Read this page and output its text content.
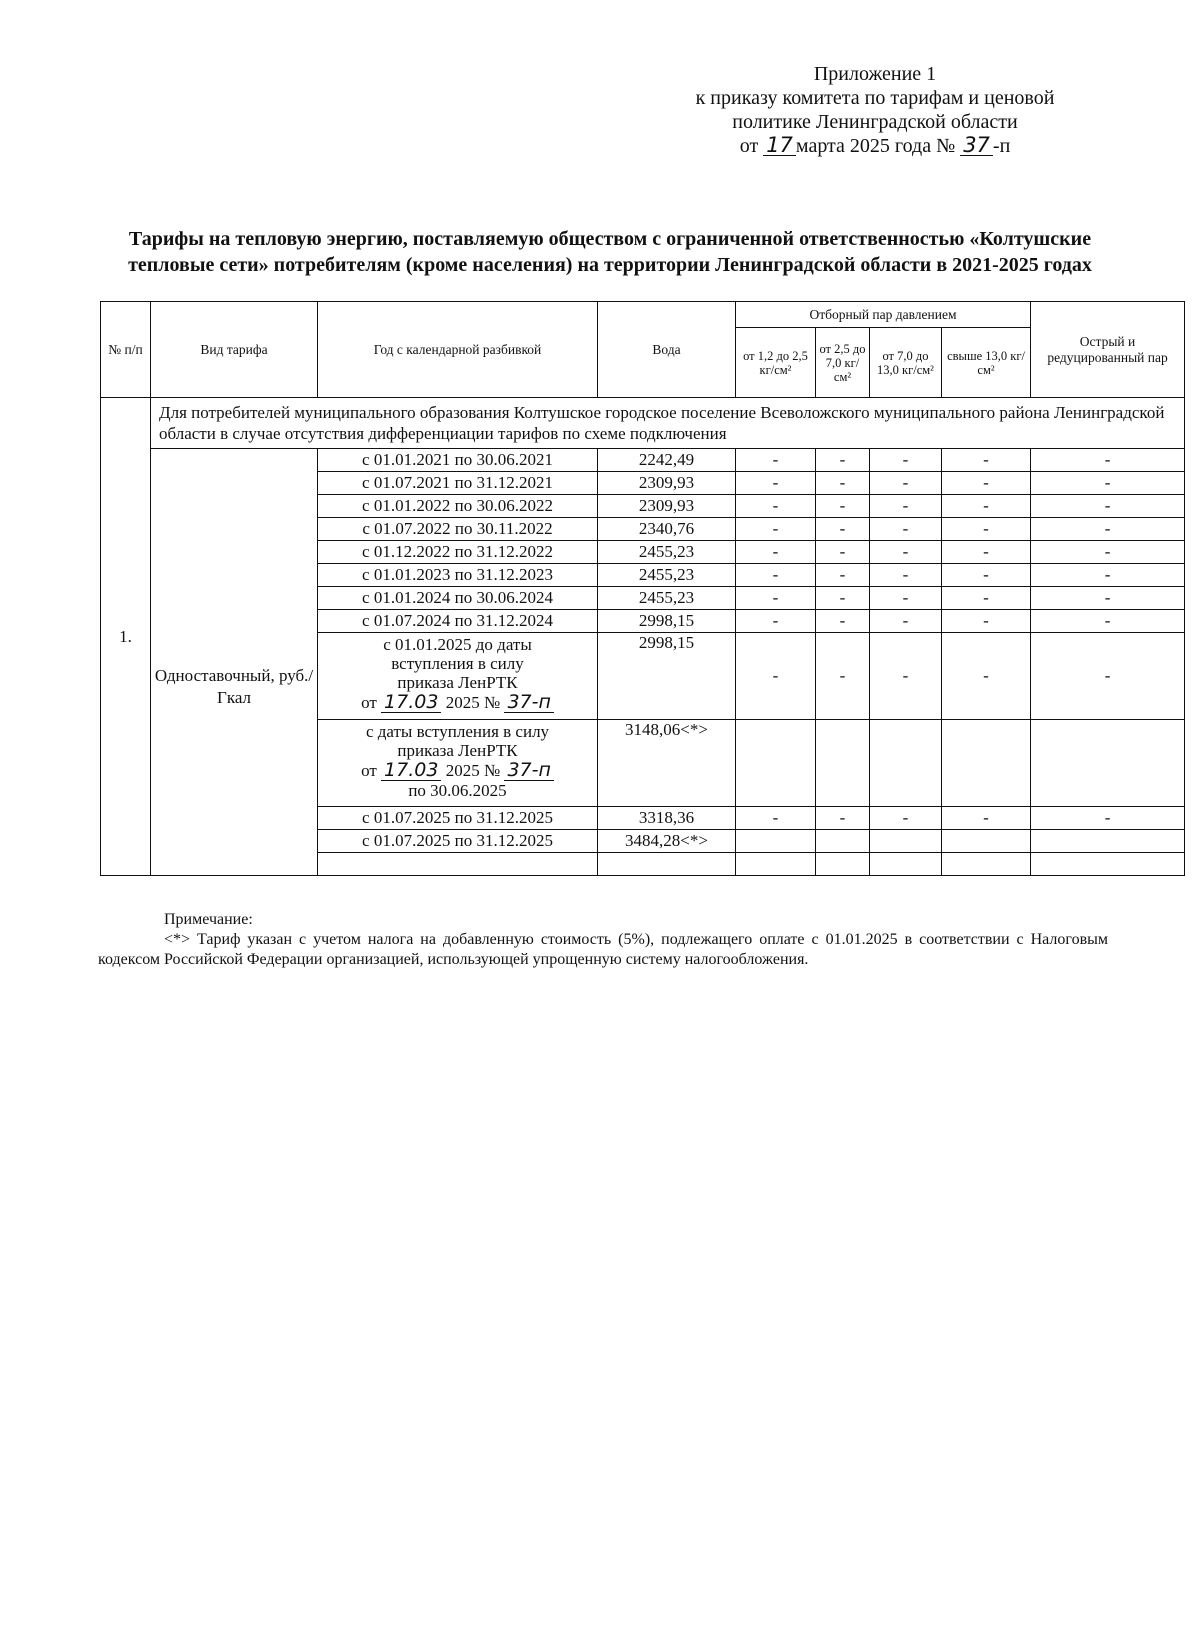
Приложение 1
к приказу комитета по тарифам и ценовой
политике Ленинградской области
от 17 марта 2025 года № 37 -п
Тарифы на тепловую энергию, поставляемую обществом с ограниченной ответственностью «Колтушские тепловые сети» потребителям (кроме населения) на территории Ленинградской области в 2021-2025 годах
№ п/п	Вид тарифа	Год с календарной разбивкой	Вода	Отборный пар давлением				Острый и редуцированный пар
				от 1,2 до 2,5 кг/см²	от 2,5 до 7,0 кг/см²	от 7,0 до 13,0 кг/см²	свыше 13,0 кг/см²	
1.	Для потребителей муниципального образования Колтушское городское поселение Всеволожского муниципального района Ленинградской области в случае отсутствия дифференциации тарифов по схеме подключения							
	Одноставочный, руб./Гкал	с 01.01.2021 по 30.06.2021	2242,49	-	-	-	-	-
		с 01.07.2021 по 31.12.2021	2309,93	-	-	-	-	-
		с 01.01.2022 по 30.06.2022	2309,93	-	-	-	-	-
		с 01.07.2022 по 30.11.2022	2340,76	-	-	-	-	-
		с 01.12.2022 по 31.12.2022	2455,23	-	-	-	-	-
		с 01.01.2023 по 31.12.2023	2455,23	-	-	-	-	-
		с 01.01.2024 по 30.06.2024	2455,23	-	-	-	-	-
		с 01.07.2024 по 31.12.2024	2998,15	-	-	-	-	-

		с 01.01.2025 до даты
вступления в силу
приказа ЛенРТК
от 17.03 2025 № 37-п	2998,15	-	-	-	-	-

		с даты вступления в силу
приказа ЛенРТК
от 17.03 2025 № 37-п
по 30.06.2025	3148,06<*>					
		с 01.07.2025 по 31.12.2025	3318,36	-	-	-	-	-
		с 01.07.2025 по 31.12.2025	3484,28<*>					

Примечание:

<*> Тариф указан с учетом налога на добавленную стоимость (5%), подлежащего оплате с 01.01.2025 в соответствии с Налоговым кодексом Российской Федерации организацией, использующей упрощенную систему налогообложения.
